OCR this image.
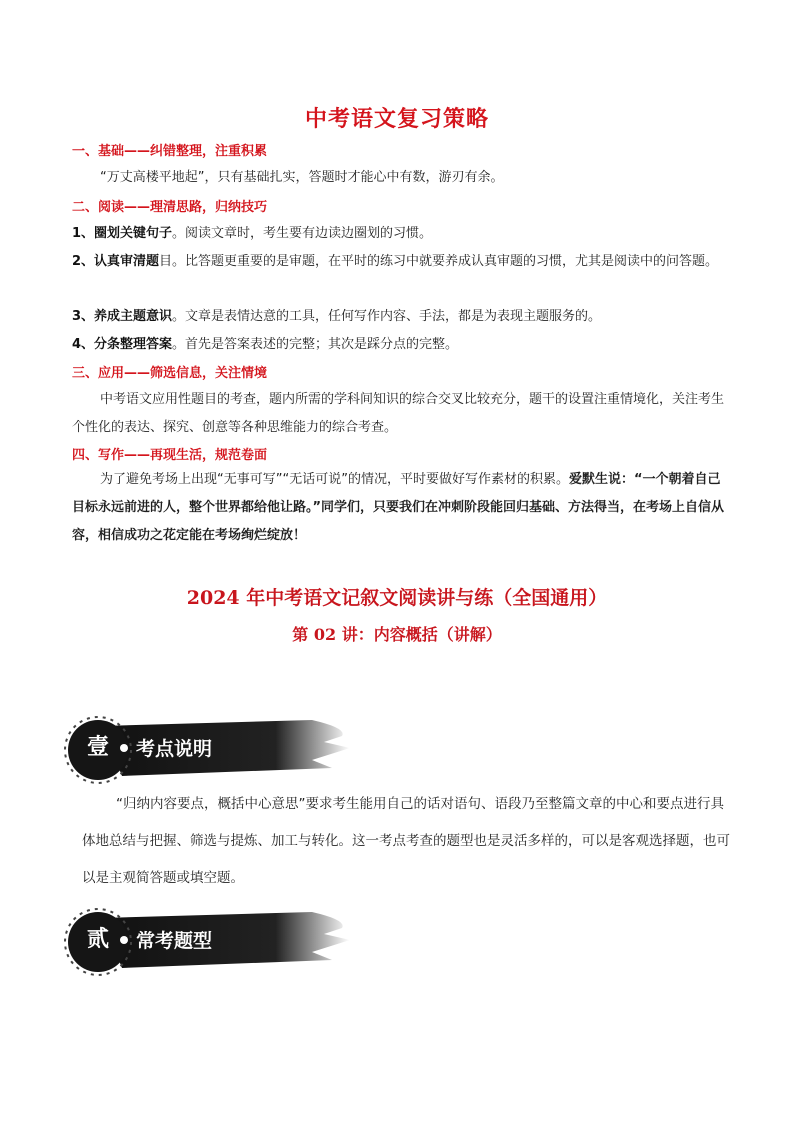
中考语文复习策略
一、基础——纠错整理，注重积累
“万丈高楼平地起”，只有基础扎实，答题时才能心中有数，游刃有余。
二、阅读——理清思路，归纳技巧
1、圈划关键句子。阅读文章时，考生要有边读边圈划的习惯。
2、认真审清题目。比答题更重要的是审题，在平时的练习中就要养成认真审题的习惯，尤其是阅读中的问答题。
3、养成主题意识。文章是表情达意的工具，任何写作内容、手法，都是为表现主题服务的。
4、分条整理答案。首先是答案表述的完整；其次是踩分点的完整。
三、应用——筛选信息，关注情境
中考语文应用性题目的考查，题内所需的学科间知识的综合交叉比较充分，题干的设置注重情境化，关注考生个性化的表达、探究、创意等各种思维能力的综合考查。
四、写作——再现生活，规范卷面
为了避免考场上出现“无事可写”“无话可说”的情况，平时要做好写作素材的积累。爱默生说：“一个朝着自己目标永远前进的人，整个世界都给他让路。”同学们，只要我们在冲刺阶段能回归基础、方法得当，在考场上自信从容，相信成功之花定能在考场绚烂绽放！
2024 年中考语文记叙文阅读讲与练（全国通用）
第 02 讲：内容概括（讲解）
壹	考点说明
“归纳内容要点，概括中心意思”要求考生能用自己的话对语句、语段乃至整篇文章的中心和要点进行具体地总结与把握、筛选与提炼、加工与转化。这一考点考查的题型也是灵活多样的，可以是客观选择题，也可以是主观简答题或填空题。
贰	常考题型
